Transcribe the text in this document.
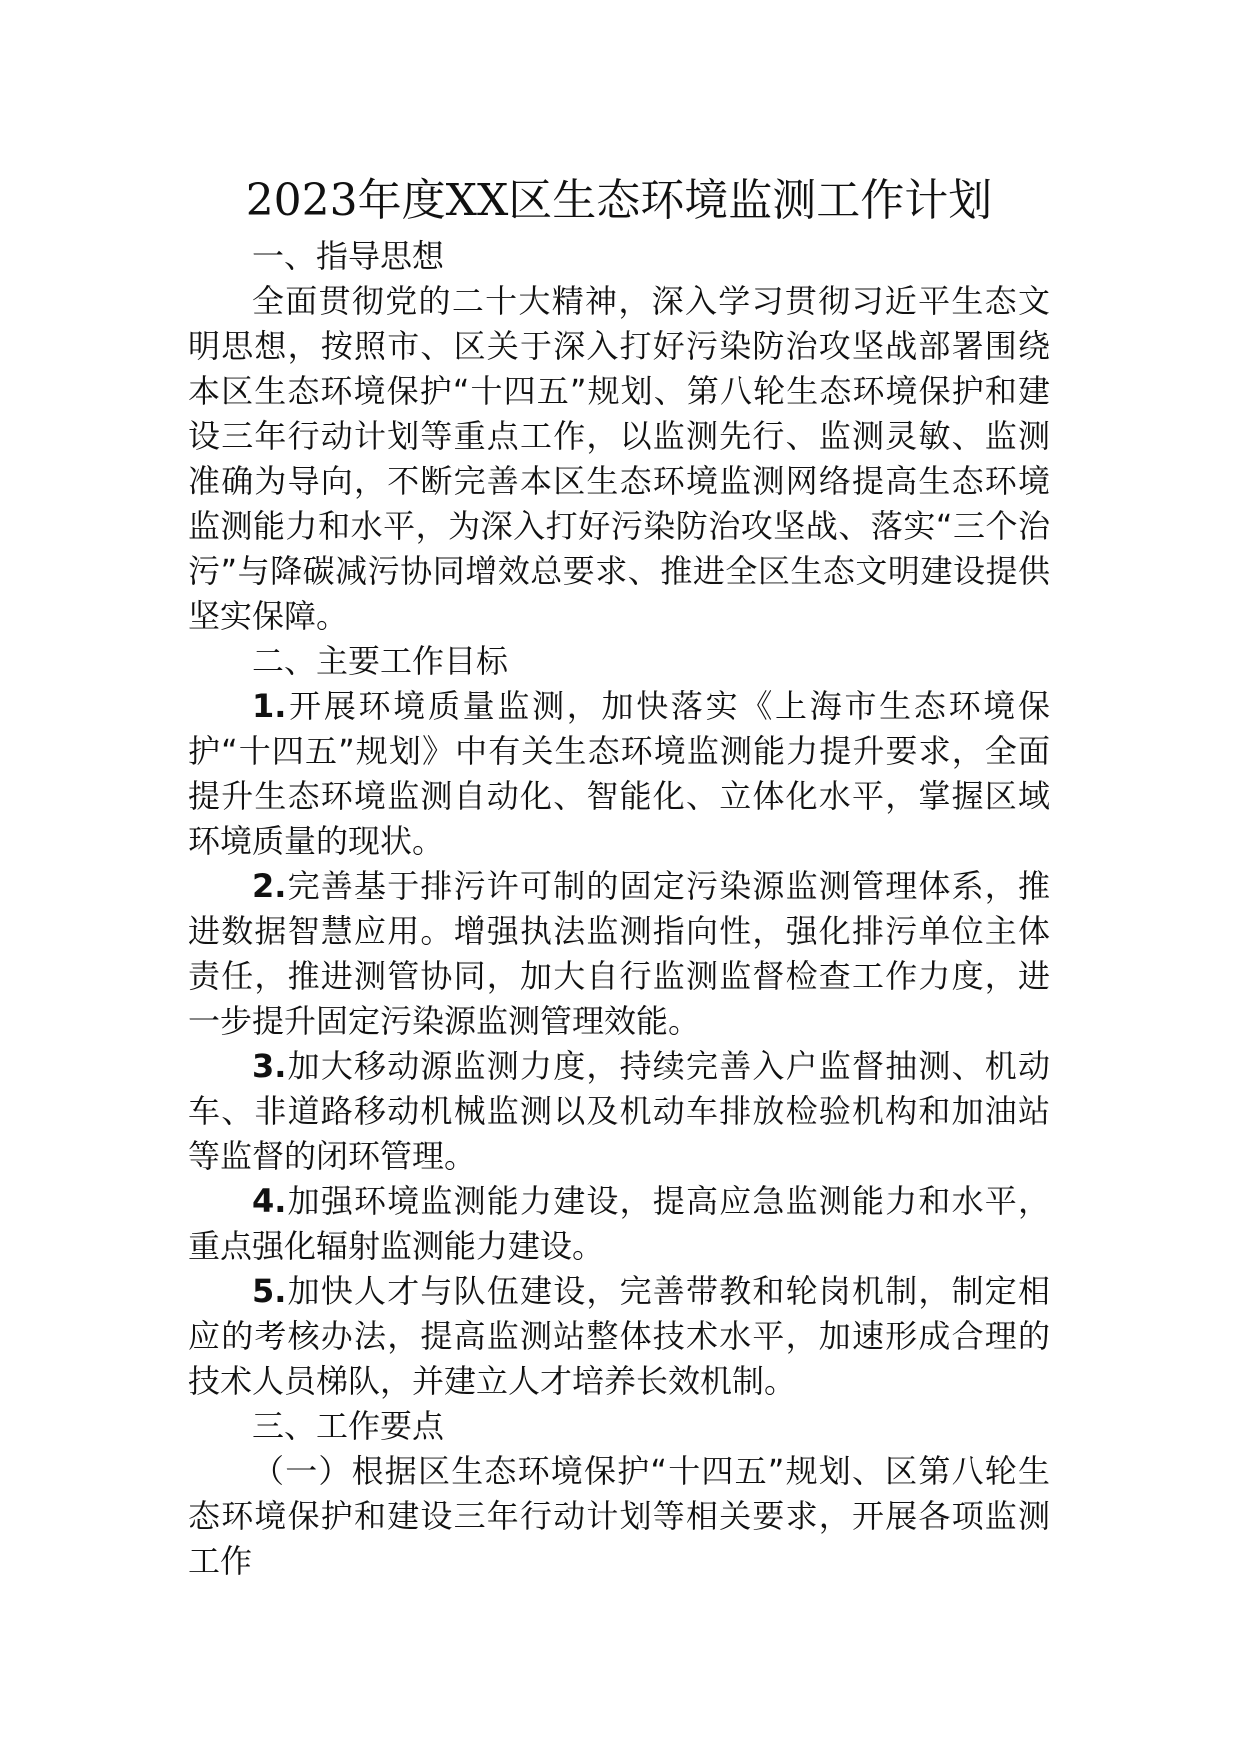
2023年度XX区生态环境监测工作计划

一、指导思想

全面贯彻党的二十大精神，深入学习贯彻习近平生态文明思想，按照市、区关于深入打好污染防治攻坚战部署围绕本区生态环境保护“十四五”规划、第八轮生态环境保护和建设三年行动计划等重点工作，以监测先行、监测灵敏、监测准确为导向，不断完善本区生态环境监测网络提高生态环境监测能力和水平，为深入打好污染防治攻坚战、落实“三个治污”与降碳减污协同增效总要求、推进全区生态文明建设提供坚实保障。

二、主要工作目标

1.开展环境质量监测，加快落实《上海市生态环境保护“十四五”规划》中有关生态环境监测能力提升要求，全面提升生态环境监测自动化、智能化、立体化水平，掌握区域环境质量的现状。

2.完善基于排污许可制的固定污染源监测管理体系，推进数据智慧应用。增强执法监测指向性，强化排污单位主体责任，推进测管协同，加大自行监测监督检查工作力度，进一步提升固定污染源监测管理效能。

3.加大移动源监测力度，持续完善入户监督抽测、机动车、非道路移动机械监测以及机动车排放检验机构和加油站等监督的闭环管理。

4.加强环境监测能力建设，提高应急监测能力和水平，重点强化辐射监测能力建设。

5.加快人才与队伍建设，完善带教和轮岗机制，制定相应的考核办法，提高监测站整体技术水平，加速形成合理的技术人员梯队，并建立人才培养长效机制。

三、工作要点

（一）根据区生态环境保护“十四五”规划、区第八轮生态环境保护和建设三年行动计划等相关要求，开展各项监测工作
